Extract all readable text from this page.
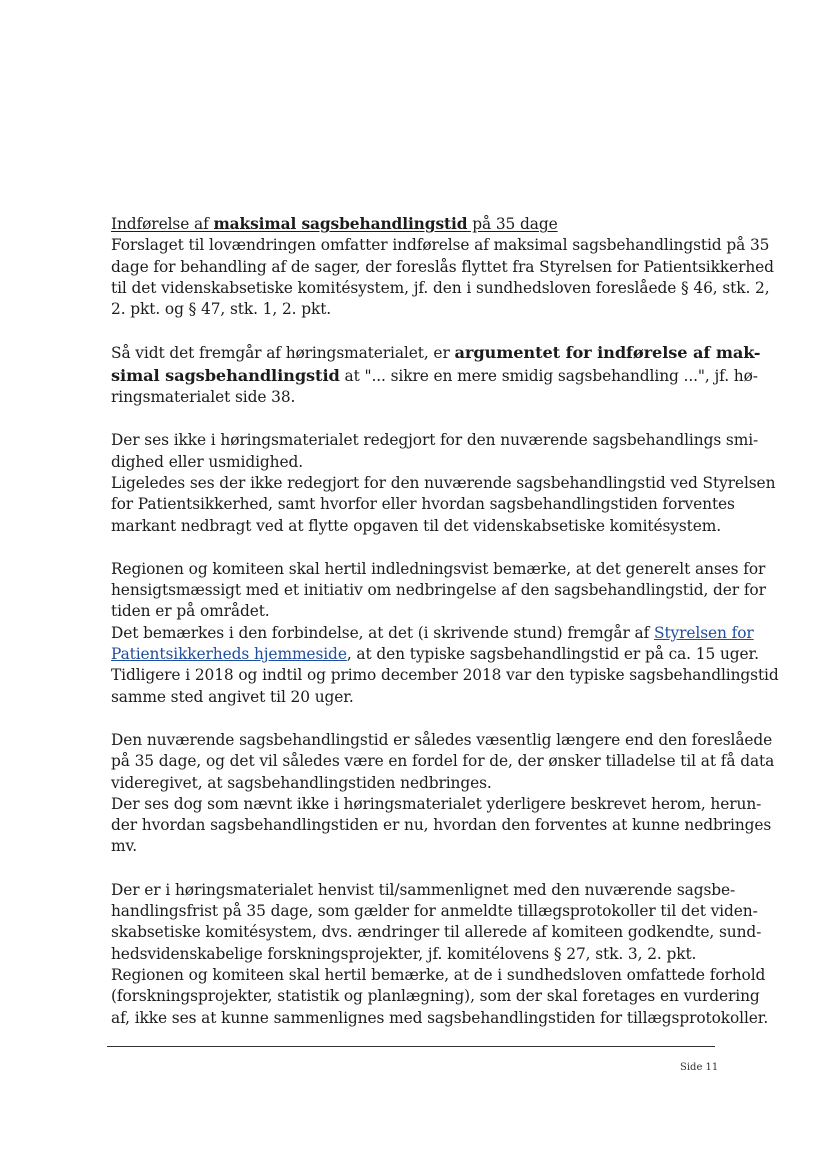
Indførelse af maksimal sagsbehandlingstid på 35 dage

Forslaget til lovændringen omfatter indførelse af maksimal sagsbehandlingstid på 35
dage for behandling af de sager, der foreslås flyttet fra Styrelsen for Patientsikkerhed
til det videnskabsetiske komitésystem, jf. den i sundhedsloven foreslåede § 46, stk. 2,
2. pkt. og § 47, stk. 1, 2. pkt.

Så vidt det fremgår af høringsmaterialet, er argumentet for indførelse af mak-
simal sagsbehandlingstid at "... sikre en mere smidig sagsbehandling ...", jf. hø-
ringsmaterialet side 38.

Der ses ikke i høringsmaterialet redegjort for den nuværende sagsbehandlings smi-
dighed eller usmidighed.
Ligeledes ses der ikke redegjort for den nuværende sagsbehandlingstid ved Styrelsen
for Patientsikkerhed, samt hvorfor eller hvordan sagsbehandlingstiden forventes
markant nedbragt ved at flytte opgaven til det videnskabsetiske komitésystem.

Regionen og komiteen skal hertil indledningsvist bemærke, at det generelt anses for
hensigtsmæssigt med et initiativ om nedbringelse af den sagsbehandlingstid, der for
tiden er på området.
Det bemærkes i den forbindelse, at det (i skrivende stund) fremgår af Styrelsen for
Patientsikkerheds hjemmeside, at den typiske sagsbehandlingstid er på ca. 15 uger.
Tidligere i 2018 og indtil og primo december 2018 var den typiske sagsbehandlingstid
samme sted angivet til 20 uger.

Den nuværende sagsbehandlingstid er således væsentlig længere end den foreslåede
på 35 dage, og det vil således være en fordel for de, der ønsker tilladelse til at få data
videregivet, at sagsbehandlingstiden nedbringes.
Der ses dog som nævnt ikke i høringsmaterialet yderligere beskrevet herom, herun-
der hvordan sagsbehandlingstiden er nu, hvordan den forventes at kunne nedbringes
mv.

Der er i høringsmaterialet henvist til/sammenlignet med den nuværende sagsbe-
handlingsfrist på 35 dage, som gælder for anmeldte tillægsprotokoller til det viden-
skabsetiske komitésystem, dvs. ændringer til allerede af komiteen godkendte, sund-
hedsvidenskabelige forskningsprojekter, jf. komitélovens § 27, stk. 3, 2. pkt.
Regionen og komiteen skal hertil bemærke, at de i sundhedsloven omfattede forhold
(forskningsprojekter, statistik og planlægning), som der skal foretages en vurdering
af, ikke ses at kunne sammenlignes med sagsbehandlingstiden for tillægsprotokoller.

Side 11
